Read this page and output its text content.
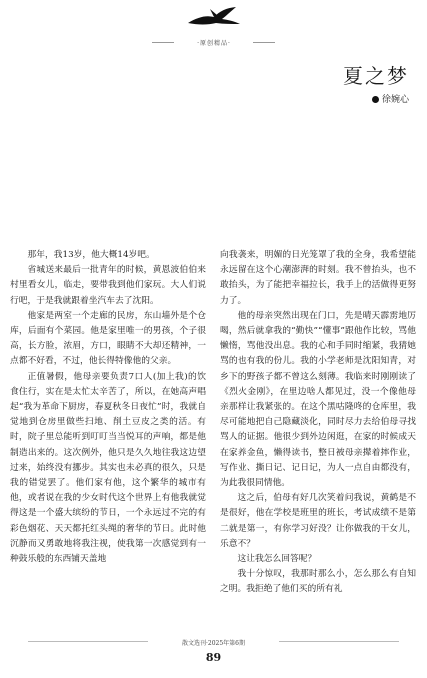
·原创精品·
夏之梦
徐婉心

那年，我13岁，他大概14岁吧。

省城送来最后一批青年的时候，黄恩波伯伯来村里看女儿，临走，要带我到他们家玩。大人们说行吧，于是我就跟着坐汽车去了沈阳。

他家是两室一个走廊的民房，东山墙外是个仓库，后面有个菜园。他是家里唯一的男孩，个子很高，长方脸，浓眉，方口，眼睛不大却还精神，一点都不好看，不过，他长得特像他的父亲。

正值暑假，他母亲要负责7口人(加上我)的饮食住行，实在是太忙太辛苦了，所以，在她高声唱起“我为革命下厨房，春夏秋冬日夜忙”时，我就自觉地到仓房里做些扫地、削土豆皮之类的活。有时，院子里总能听到叮叮当当悦耳的声响，都是他制造出来的。这次例外，他只是久久地往我这边望过来，始终没有挪步。其实也未必真的很久，只是我的错觉罢了。他们家有他，这个繁华的城市有他，或者说在我的少女时代这个世界上有他我就觉得这是一个盛大缤纷的节日，一个永远过不完的有彩色烟花、天天都托红头绳的奢华的节日。此时他沉静而又勇敢地将我注视，使我第一次感觉到有一种鼓乐般的东西铺天盖地

向我袭来，明媚的日光笼罩了我的全身，我希望能永远留在这个心潮澎湃的时刻。我不曾抬头，也不敢抬头，为了能把幸福拉长，我手上的活做得更努力了。

他的母亲突然出现在门口，先是晴天霹雳地厉喝，然后就拿我的“勤快”“懂事”跟他作比较，骂他懒惰，骂他没出息。我的心和手同时缩紧，我猜她骂的也有我的份儿。我的小学老师是沈阳知青，对乡下的野孩子都不曾这么刻薄。我临来时刚刚读了《烈火金刚》，在里边啥人都见过，没一个像他母亲那样让我紧张的。在这个黑咕隆咚的仓库里，我尽可能地把自己隐藏淡化，同时尽力去给伯母寻找骂人的证据。他很少到外边闲逛，在家的时候成天在家养金鱼，懒得读书，整日被母亲撵着摔作业，写作业、撕日记、记日记，为人一点自由都没有，为此我很同情他。

这之后，伯母有好几次笑着问我说，黄鹤是不是很好，他在学校是班里的班长，考试成绩不是第二就是第一，有你学习好没？让你做我的干女儿，乐意不？

这让我怎么回答呢？

我十分惊叹，我那时那么小，怎么那么有自知之明。我拒绝了他们买的所有礼

散文选刊·2025年第6期
89
